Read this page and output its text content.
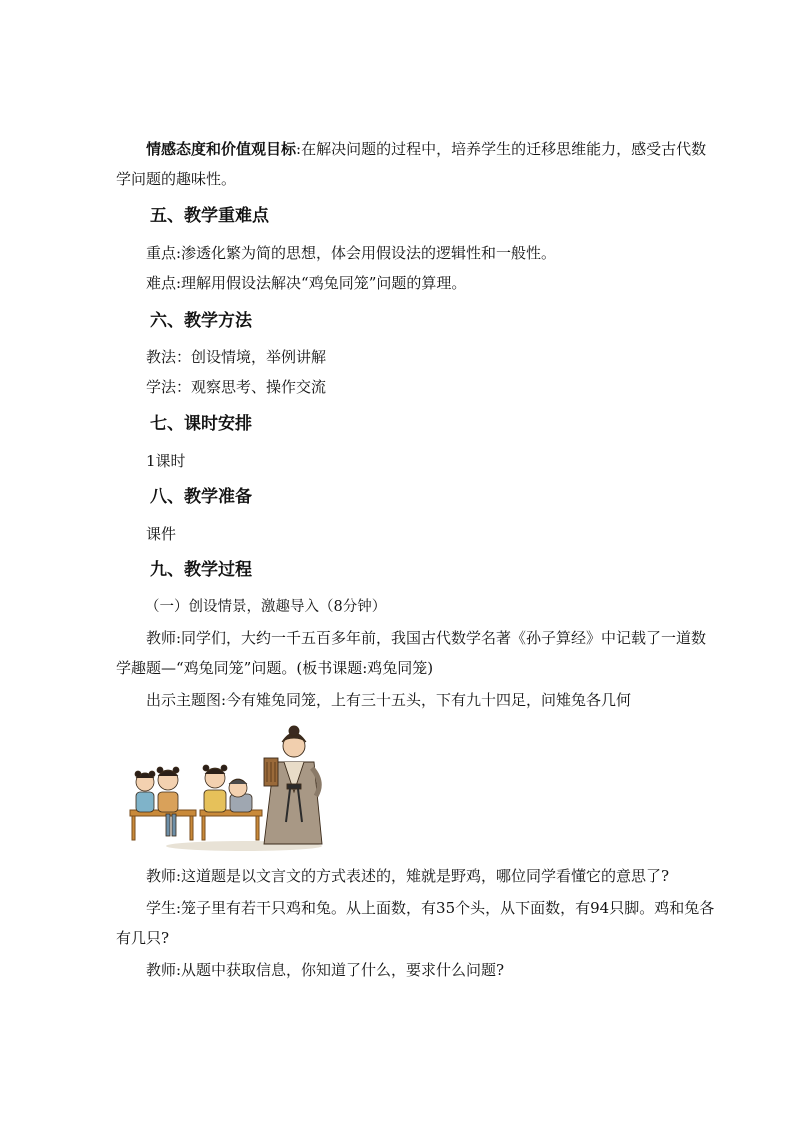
情感态度和价值观目标:在解决问题的过程中，培养学生的迁移思维能力，感受古代数学问题的趣味性。

五、教学重难点

重点:渗透化繁为简的思想，体会用假设法的逻辑性和一般性。

难点:理解用假设法解决“鸡兔同笼”问题的算理。

六、教学方法

教法：创设情境，举例讲解

学法：观察思考、操作交流

七、课时安排

1课时

八、教学准备

课件

九、教学过程

（一）创设情景，激趣导入（8分钟）

教师:同学们，大约一千五百多年前，我国古代数学名著《孙子算经》中记载了一道数学趣题—“鸡兔同笼”问题。(板书课题:鸡兔同笼)

出示主题图:今有雉兔同笼，上有三十五头，下有九十四足，问雉兔各几何

教师:这道题是以文言文的方式表述的，雉就是野鸡，哪位同学看懂它的意思了?

学生:笼子里有若干只鸡和兔。从上面数，有35个头，从下面数，有94只脚。鸡和兔各有几只?

教师:从题中获取信息，你知道了什么，要求什么问题?
